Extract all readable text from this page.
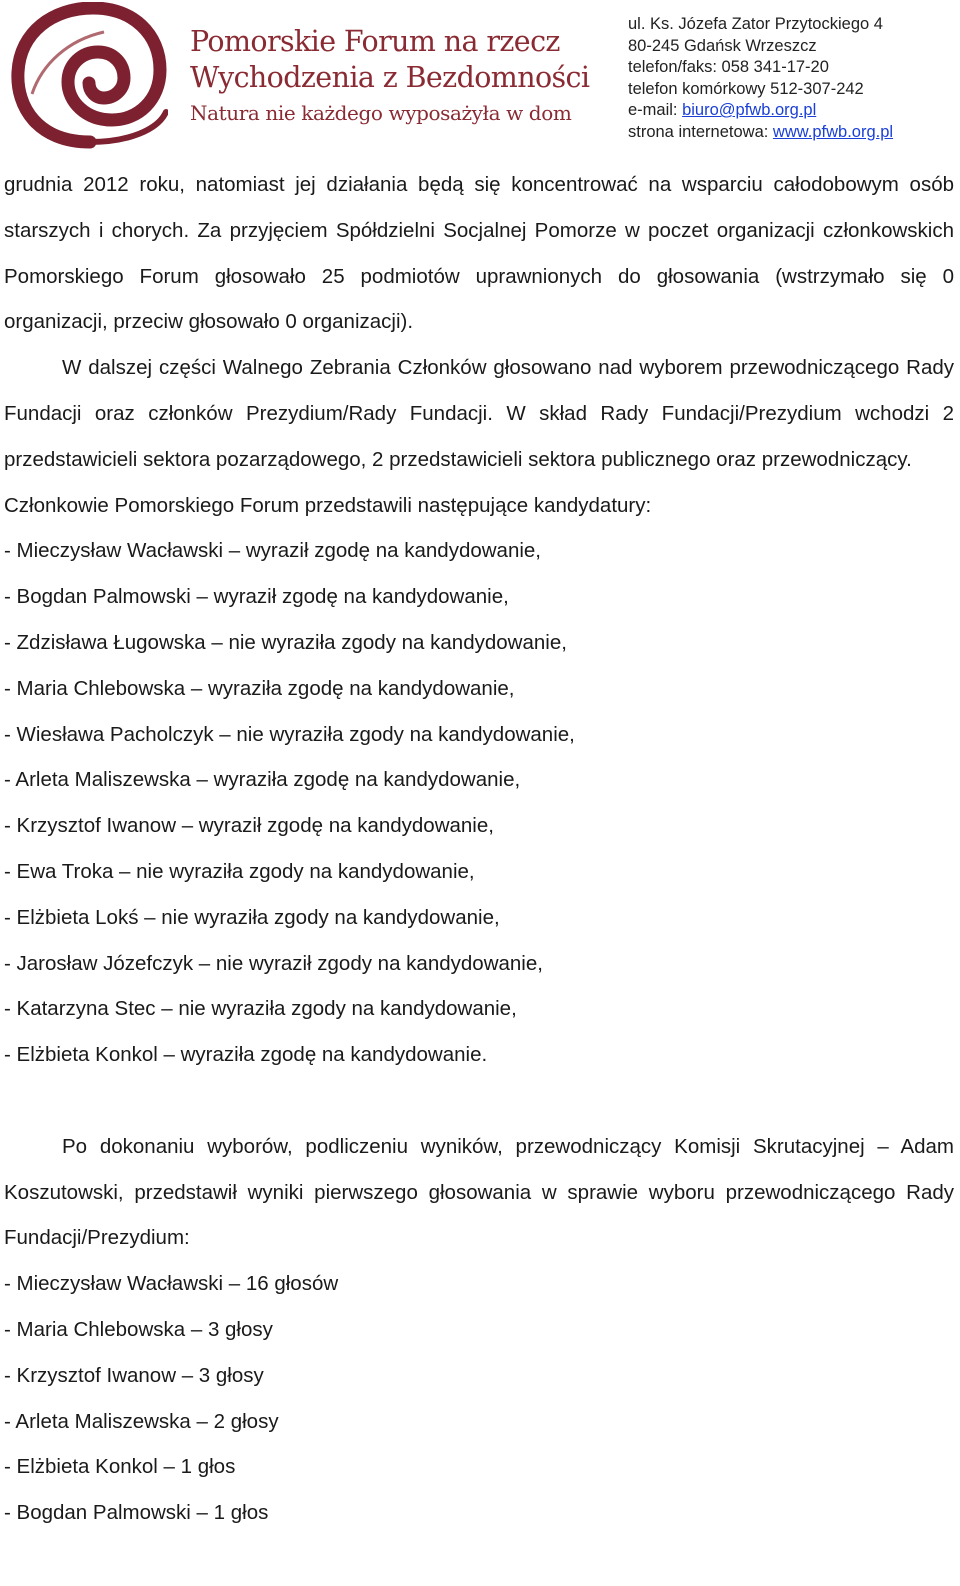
Pomorskie Forum na rzecz
Wychodzenia z Bezdomności
Natura nie każdego wyposażyła w dom
ul. Ks. Józefa Zator Przytockiego 4
80-245 Gdańsk Wrzeszcz
telefon/faks: 058 341-17-20
telefon komórkowy 512-307-242
e-mail: biuro@pfwb.org.pl
strona internetowa: www.pfwb.org.pl

grudnia 2012 roku, natomiast jej działania będą się koncentrować na wsparciu całodobowym osób starszych i chorych. Za przyjęciem Spółdzielni Socjalnej Pomorze w poczet organizacji członkowskich Pomorskiego Forum głosowało 25 podmiotów uprawnionych do głosowania (wstrzymało się 0 organizacji, przeciw głosowało 0 organizacji).

W dalszej części Walnego Zebrania Członków głosowano nad wyborem przewodniczącego Rady Fundacji oraz członków Prezydium/Rady Fundacji. W skład Rady Fundacji/Prezydium wchodzi 2 przedstawicieli sektora pozarządowego, 2 przedstawicieli sektora publicznego oraz przewodniczący.

Członkowie Pomorskiego Forum przedstawili następujące kandydatury:

- Mieczysław Wacławski – wyraził zgodę na kandydowanie,

- Bogdan Palmowski – wyraził zgodę na kandydowanie,

- Zdzisława Ługowska – nie wyraziła zgody na kandydowanie,

- Maria Chlebowska – wyraziła zgodę na kandydowanie,

- Wiesława Pacholczyk – nie wyraziła zgody na kandydowanie,

- Arleta Maliszewska – wyraziła zgodę na kandydowanie,

- Krzysztof Iwanow – wyraził zgodę na kandydowanie,

- Ewa Troka – nie wyraziła zgody na kandydowanie,

- Elżbieta Lokś – nie wyraziła zgody na kandydowanie,

- Jarosław Józefczyk – nie wyraził zgody na kandydowanie,

- Katarzyna Stec – nie wyraziła zgody na kandydowanie,

- Elżbieta Konkol – wyraziła zgodę na kandydowanie.

Po dokonaniu wyborów, podliczeniu wyników, przewodniczący Komisji Skrutacyjnej – Adam Koszutowski, przedstawił wyniki pierwszego głosowania w sprawie wyboru przewodniczącego Rady Fundacji/Prezydium:

- Mieczysław Wacławski – 16 głosów

- Maria Chlebowska – 3 głosy

- Krzysztof Iwanow – 3 głosy

- Arleta Maliszewska – 2 głosy

- Elżbieta Konkol – 1 głos

- Bogdan Palmowski – 1 głos
